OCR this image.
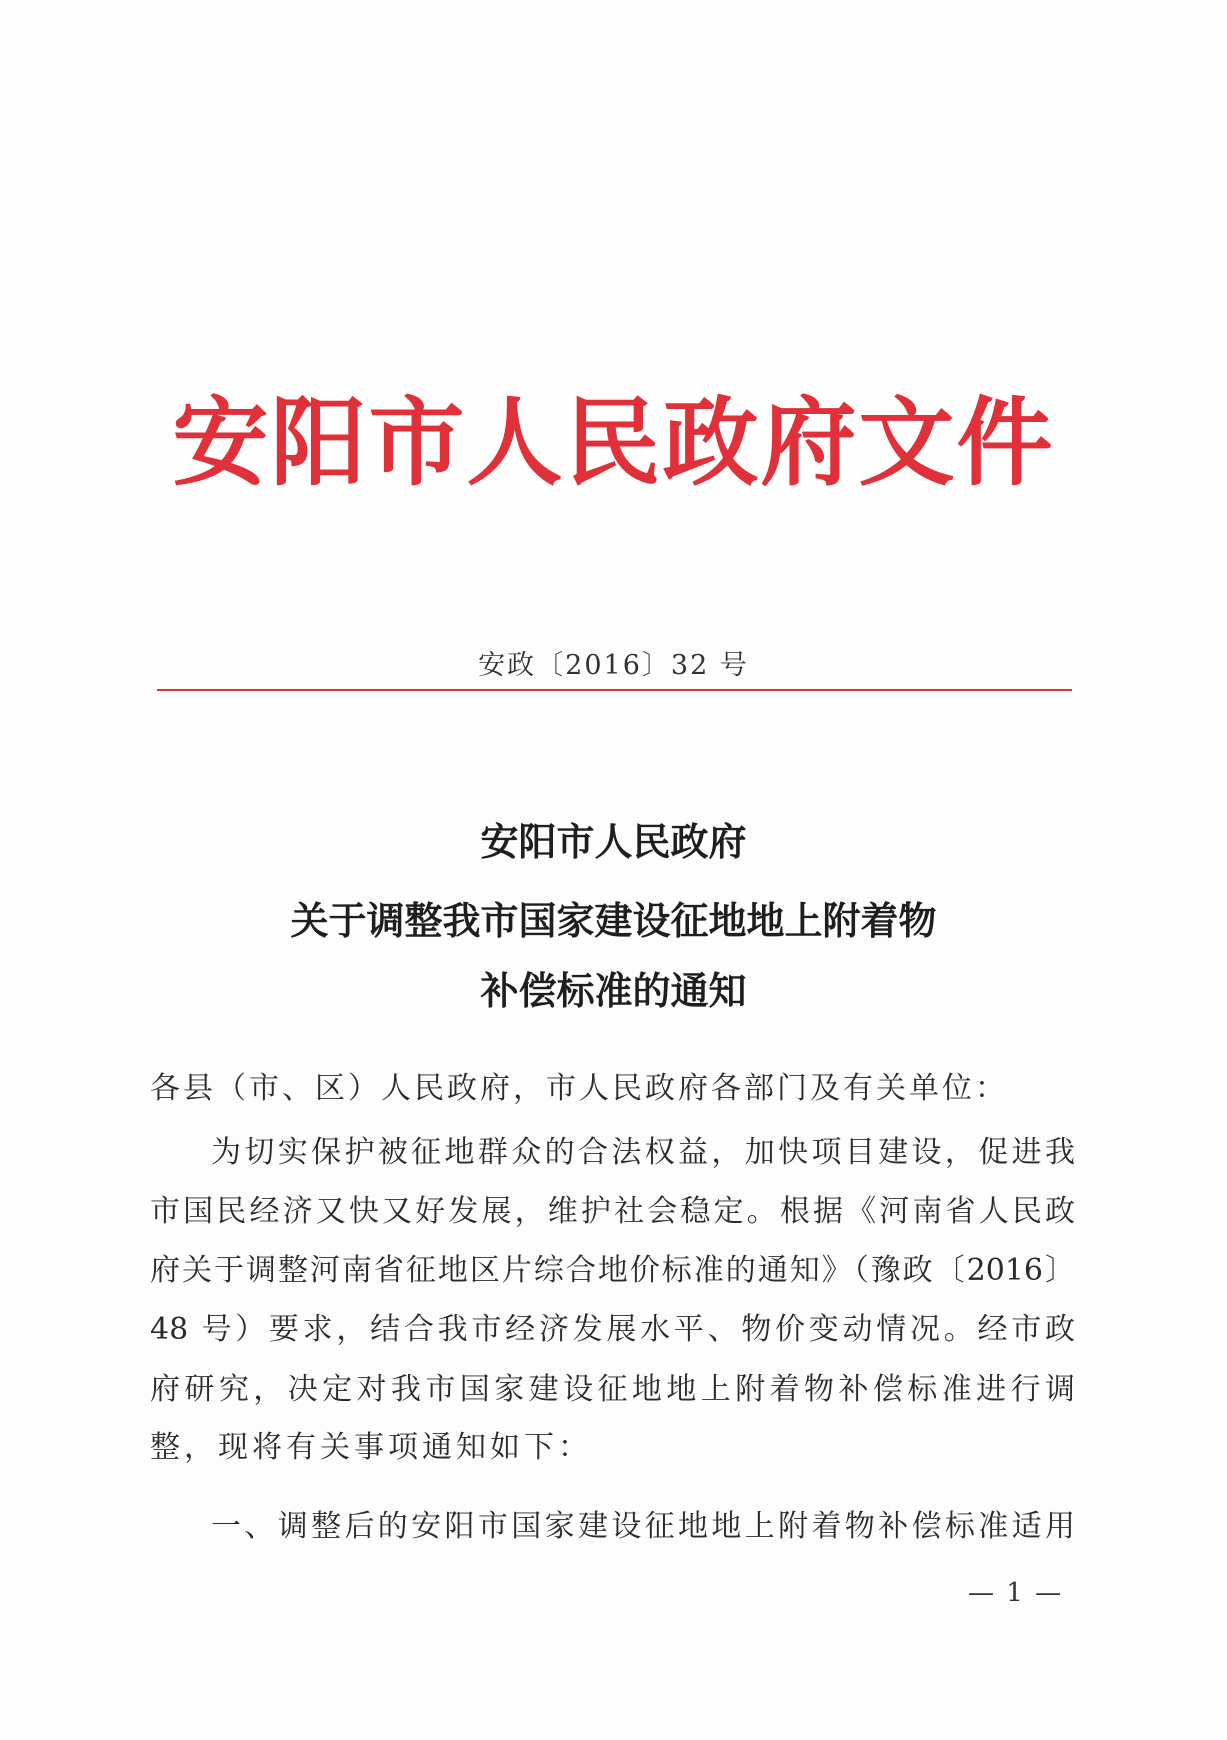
安阳市人民政府文件
安政〔2016〕32 号
安阳市人民政府
关于调整我市国家建设征地地上附着物
补偿标准的通知
各县（市、区）人民政府，市人民政府各部门及有关单位：
为切实保护被征地群众的合法权益，加快项目建设，促进我
市国民经济又快又好发展，维护社会稳定。根据《河南省人民政
府关于调整河南省征地区片综合地价标准的通知》（豫政〔2016〕
48 号）要求，结合我市经济发展水平、物价变动情况。经市政
府研究，决定对我市国家建设征地地上附着物补偿标准进行调
整，现将有关事项通知如下：
一、调整后的安阳市国家建设征地地上附着物补偿标准适用
— 1 —
